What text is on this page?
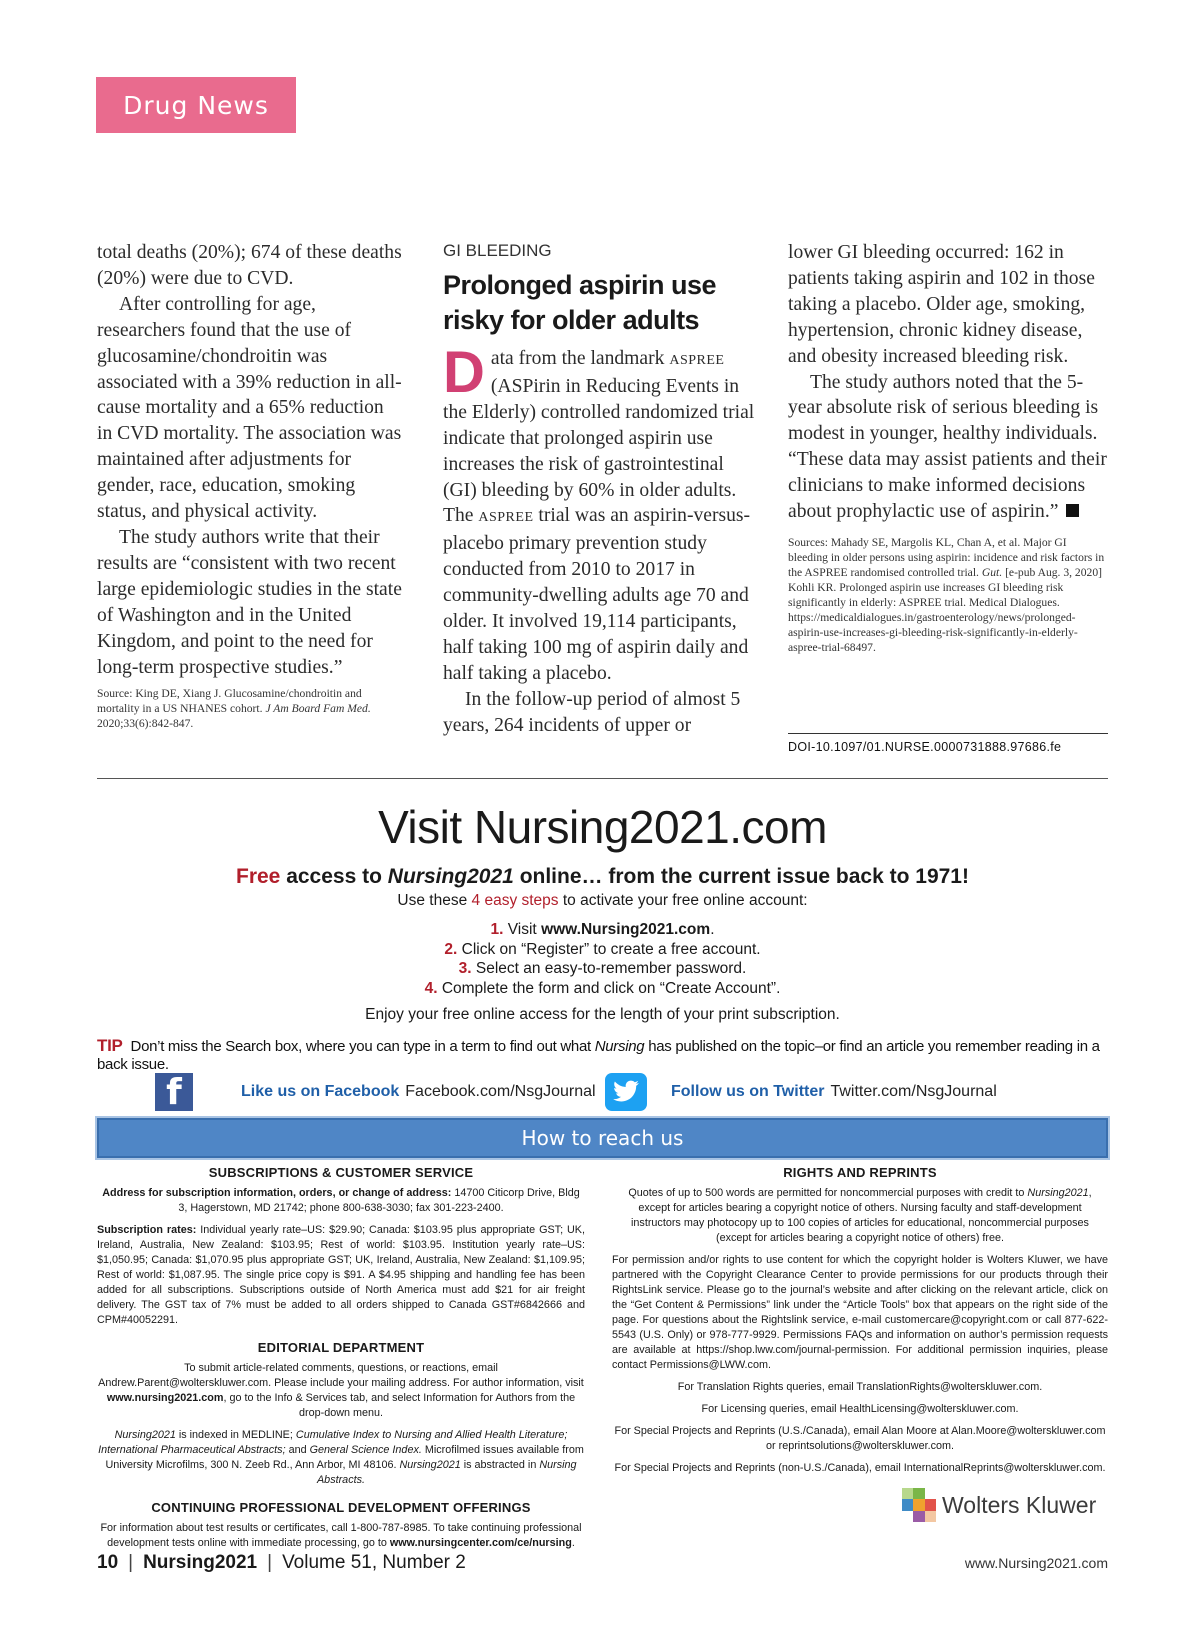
Drug News

total deaths (20%); 674 of these deaths (20%) were due to CVD.

After controlling for age, researchers found that the use of glucosamine/chondroitin was associated with a 39% reduction in all-cause mortality and a 65% reduction in CVD mortality. The association was maintained after adjustments for gender, race, education, smoking status, and physical activity.

The study authors write that their results are “consistent with two recent large epidemiologic studies in the state of Washington and in the United Kingdom, and point to the need for long-term prospective studies.”

Source: King DE, Xiang J. Glucosamine/chondroitin and mortality in a US NHANES cohort. J Am Board Fam Med. 2020;33(6):842-847.

GI BLEEDING

Prolonged aspirin use risky for older adults

Data from the landmark ASPREE (ASPirin in Reducing Events in the Elderly) controlled randomized trial indicate that prolonged aspirin use increases the risk of gastrointestinal (GI) bleeding by 60% in older adults. The ASPREE trial was an aspirin-versus-placebo primary prevention study conducted from 2010 to 2017 in community-dwelling adults age 70 and older. It involved 19,114 participants, half taking 100 mg of aspirin daily and half taking a placebo.

In the follow-up period of almost 5 years, 264 incidents of upper or

lower GI bleeding occurred: 162 in patients taking aspirin and 102 in those taking a placebo. Older age, smoking, hypertension, chronic kidney disease, and obesity increased bleeding risk.

The study authors noted that the 5-year absolute risk of serious bleeding is modest in younger, healthy individuals. “These data may assist patients and their clinicians to make informed decisions about prophylactic use of aspirin.”

Sources: Mahady SE, Margolis KL, Chan A, et al. Major GI bleeding in older persons using aspirin: incidence and risk factors in the ASPREE randomised controlled trial. Gut. [e-pub Aug. 3, 2020] Kohli KR. Prolonged aspirin use increases GI bleeding risk significantly in elderly: ASPREE trial. Medical Dialogues. https://medicaldialogues.in/gastroenterology/news/prolonged-aspirin-use-increases-gi-bleeding-risk-significantly-in-elderly-aspree-trial-68497.

DOI-10.1097/01.NURSE.0000731888.97686.fe
Visit Nursing2021.com
Free access to Nursing2021 online… from the current issue back to 1971!
Use these 4 easy steps to activate your free online account:
1. Visit www.Nursing2021.com.
2. Click on “Register” to create a free account.
3. Select an easy-to-remember password.
4. Complete the form and click on “Create Account”.
Enjoy your free online access for the length of your print subscription.
TIP Don’t miss the Search box, where you can type in a term to find out what Nursing has published on the topic–or find an article you remember reading in a back issue.
f	Like us on Facebook Facebook.com/NsgJournal	Follow us on Twitter Twitter.com/NsgJournal
How to reach us
SUBSCRIPTIONS & CUSTOMER SERVICE

Address for subscription information, orders, or change of address: 14700 Citicorp Drive, Bldg 3, Hagerstown, MD 21742; phone 800-638-3030; fax 301-223-2400.

Subscription rates: Individual yearly rate–US: $29.90; Canada: $103.95 plus appropriate GST; UK, Ireland, Australia, New Zealand: $103.95; Rest of world: $103.95. Institution yearly rate–US: $1,050.95; Canada: $1,070.95 plus appropriate GST; UK, Ireland, Australia, New Zealand: $1,109.95; Rest of world: $1,087.95. The single price copy is $91. A $4.95 shipping and handling fee has been added for all subscriptions. Subscriptions outside of North America must add $21 for air freight delivery. The GST tax of 7% must be added to all orders shipped to Canada GST#6842666 and CPM#40052291.

EDITORIAL DEPARTMENT

To submit article-related comments, questions, or reactions, email Andrew.Parent@wolterskluwer.com. Please include your mailing address. For author information, visit www.nursing2021.com, go to the Info & Services tab, and select Information for Authors from the drop-down menu.

Nursing2021 is indexed in MEDLINE; Cumulative Index to Nursing and Allied Health Literature; International Pharmaceutical Abstracts; and General Science Index. Microfilmed issues available from University Microfilms, 300 N. Zeeb Rd., Ann Arbor, MI 48106. Nursing2021 is abstracted in Nursing Abstracts.

CONTINUING PROFESSIONAL DEVELOPMENT OFFERINGS

For information about test results or certificates, call 1-800-787-8985. To take continuing professional development tests online with immediate processing, go to www.nursingcenter.com/ce/nursing.

RIGHTS AND REPRINTS

Quotes of up to 500 words are permitted for noncommercial purposes with credit to Nursing2021, except for articles bearing a copyright notice of others. Nursing faculty and staff-development instructors may photocopy up to 100 copies of articles for educational, noncommercial purposes (except for articles bearing a copyright notice of others) free.

For permission and/or rights to use content for which the copyright holder is Wolters Kluwer, we have partnered with the Copyright Clearance Center to provide permissions for our products through their RightsLink service. Please go to the journal’s website and after clicking on the relevant article, click on the “Get Content & Permissions” link under the “Article Tools” box that appears on the right side of the page. For questions about the Rightslink service, e-mail customercare@copyright.com or call 877-622-5543 (U.S. Only) or 978-777-9929. Permissions FAQs and information on author’s permission requests are available at https://shop.lww.com/journal-permission. For additional permission inquiries, please contact Permissions@LWW.com.

For Translation Rights queries, email TranslationRights@wolterskluwer.com.

For Licensing queries, email HealthLicensing@wolterskluwer.com.

For Special Projects and Reprints (U.S./Canada), email Alan Moore at Alan.Moore@wolterskluwer.com or reprintsolutions@wolterskluwer.com.

For Special Projects and Reprints (non-U.S./Canada), email InternationalReprints@wolterskluwer.com.

Wolters Kluwer
10 | Nursing2021 | Volume 51, Number 2	www.Nursing2021.com
